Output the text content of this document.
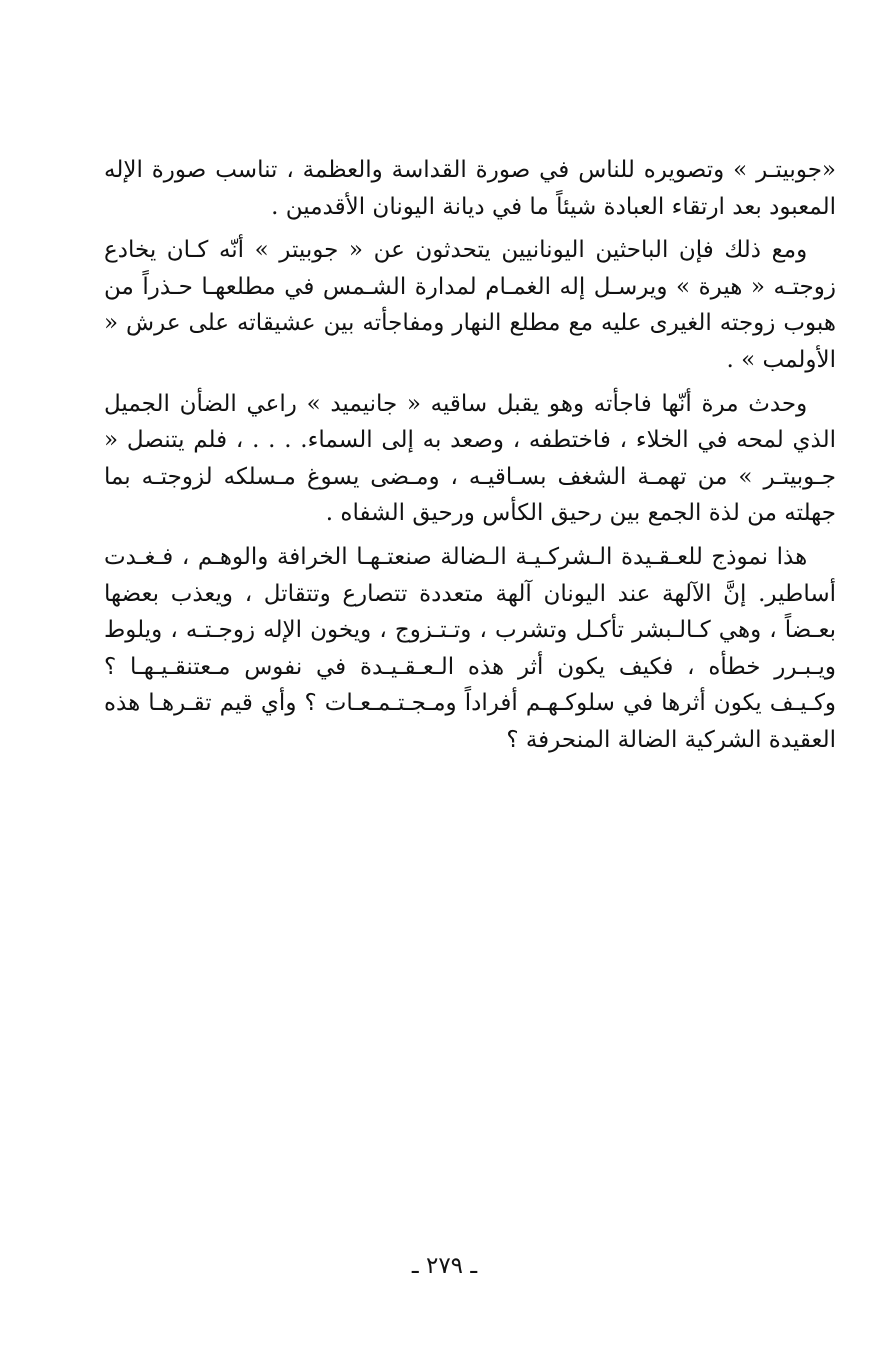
«جوبيتـر » وتصويره للناس في صورة القداسة والعظمة ، تناسب صورة الإله المعبود بعد ارتقاء العبادة شيئاً ما في ديانة اليونان الأقدمين .

ومع ذلك فإن الباحثين اليونانيين يتحدثون عن « جوبيتر » أنّه كـان يخادع زوجتـه « هيرة » ويرسـل إله الغمـام لمدارة الشـمس في مطلعهـا حـذراً من هبوب زوجته الغيرى عليه مع مطلع النهار ومفاجأته بين عشيقاته على عرش « الأولمب » .

وحدث مرة أنّها فاجأته وهو يقبل ساقيه « جانيميد » راعي الضأن الجميل الذي لمحه في الخلاء ، فاختطفه ، وصعد به إلى السماء. . . . ، فلم يتنصل « جـوبيتـر » من تهمـة الشغف بسـاقيـه ، ومـضى يسوغ مـسلكه لزوجتـه بما جهلته من لذة الجمع بين رحيق الكأس ورحيق الشفاه .

هذا نموذج للعـقـيدة الـشركـيـة الـضالة صنعتـهـا الخرافة والوهـم ، فـغـدت أساطير. إنَّ الآلهة عند اليونان آلهة متعددة تتصارع وتتقاتل ، ويعذب بعضها بعـضاً ، وهي كـالـبشر تأكـل وتشرب ، وتـتـزوج ، ويخون الإله زوجـتـه ، ويلوط ويـبـرر خطأه ، فكيف يكون أثر هذه الـعـقـيـدة في نفوس مـعتنقـيـهـا ؟ وكـيـف يكون أثرها في سلوكـهـم أفراداً ومـجـتـمـعـات ؟ وأي قيم تقـرهـا هذه العقيدة الشركية الضالة المنحرفة ؟

ـ ٢٧٩ ـ
